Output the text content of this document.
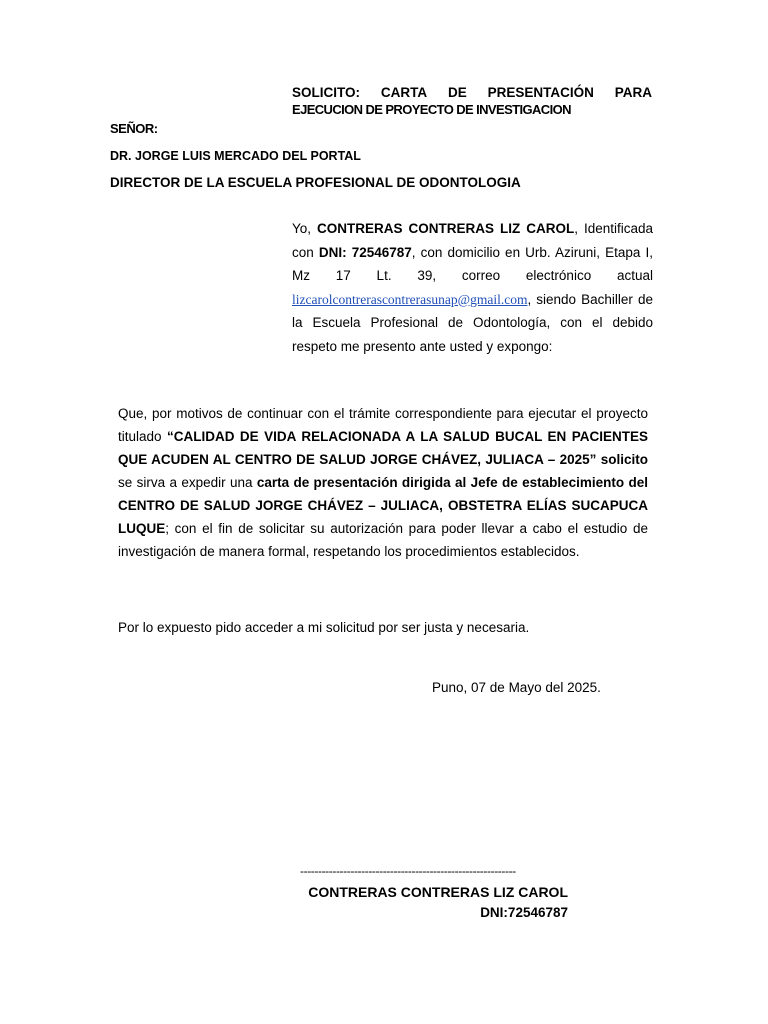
SOLICITO: CARTA DE PRESENTACIÓN PARA
EJECUCION DE PROYECTO DE INVESTIGACION
SEÑOR:
DR. JORGE LUIS MERCADO DEL PORTAL
DIRECTOR DE LA ESCUELA PROFESIONAL DE ODONTOLOGIA
Yo, CONTRERAS CONTRERAS LIZ CAROL, Identificada con DNI: 72546787, con domicilio en Urb. Aziruni, Etapa I, Mz 17 Lt. 39, correo electrónico actual lizcarolcontrerascontrerasunap@gmail.com, siendo Bachiller de la Escuela Profesional de Odontología, con el debido respeto me presento ante usted y expongo:
Que, por motivos de continuar con el trámite correspondiente para ejecutar el proyecto titulado “CALIDAD DE VIDA RELACIONADA A LA SALUD BUCAL EN PACIENTES QUE ACUDEN AL CENTRO DE SALUD JORGE CHÁVEZ, JULIACA – 2025” solicito se sirva a expedir una carta de presentación dirigida al Jefe de establecimiento del CENTRO DE SALUD JORGE CHÁVEZ – JULIACA, OBSTETRA ELÍAS SUCAPUCA LUQUE; con el fin de solicitar su autorización para poder llevar a cabo el estudio de investigación de manera formal, respetando los procedimientos establecidos.
Por lo expuesto pido acceder a mi solicitud por ser justa y necesaria.
Puno, 07 de Mayo del 2025.
------------------------------------------------------------
CONTRERAS CONTRERAS LIZ CAROL
DNI:72546787
